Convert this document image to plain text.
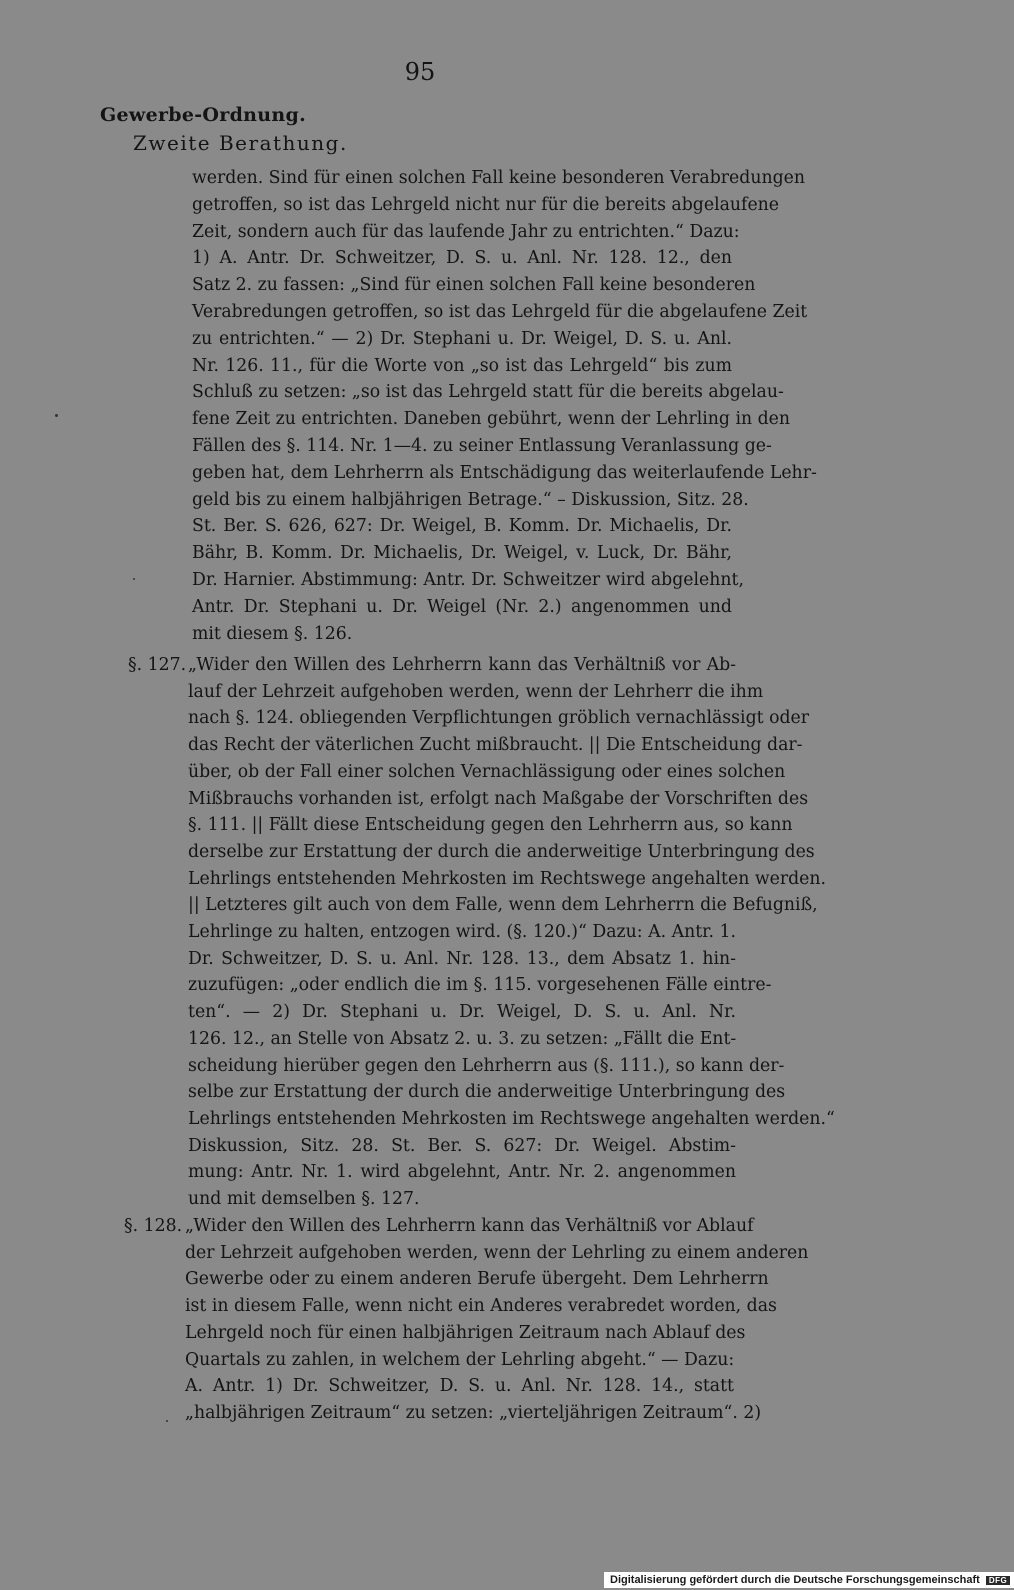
95
Gewerbe-Ordnung.
Zweite Berathung.
werden. Sind für einen solchen Fall keine besonderen Verabredungen
getroffen, so ist das Lehrgeld nicht nur für die bereits abgelaufene
Zeit, sondern auch für das laufende Jahr zu entrichten.“ Dazu:
1) A. Antr. Dr. Schweitzer, D. S. u. Anl. Nr. 128. 12., den
Satz 2. zu fassen: „Sind für einen solchen Fall keine besonderen
Verabredungen getroffen, so ist das Lehrgeld für die abgelaufene Zeit
zu entrichten.“ — 2) Dr. Stephani u. Dr. Weigel, D. S. u. Anl.
Nr. 126. 11., für die Worte von „so ist das Lehrgeld“ bis zum
Schluß zu setzen: „so ist das Lehrgeld statt für die bereits abgelau-
fene Zeit zu entrichten. Daneben gebührt, wenn der Lehrling in den
Fällen des §. 114. Nr. 1—4. zu seiner Entlassung Veranlassung ge-
geben hat, dem Lehrherrn als Entschädigung das weiterlaufende Lehr-
geld bis zu einem halbjährigen Betrage.“ – Diskussion, Sitz. 28.
St. Ber. S. 626, 627: Dr. Weigel, B. Komm. Dr. Michaelis, Dr.
Bähr, B. Komm. Dr. Michaelis, Dr. Weigel, v. Luck, Dr. Bähr,
Dr. Harnier. Abstimmung: Antr. Dr. Schweitzer wird abgelehnt,
Antr. Dr. Stephani u. Dr. Weigel (Nr. 2.) angenommen und
mit diesem §. 126.
§. 127. „Wider den Willen des Lehrherrn kann das Verhältniß vor Ab-
lauf der Lehrzeit aufgehoben werden, wenn der Lehrherr die ihm
nach §. 124. obliegenden Verpflichtungen gröblich vernachlässigt oder
das Recht der väterlichen Zucht mißbraucht. || Die Entscheidung dar-
über, ob der Fall einer solchen Vernachlässigung oder eines solchen
Mißbrauchs vorhanden ist, erfolgt nach Maßgabe der Vorschriften des
§. 111. || Fällt diese Entscheidung gegen den Lehrherrn aus, so kann
derselbe zur Erstattung der durch die anderweitige Unterbringung des
Lehrlings entstehenden Mehrkosten im Rechtswege angehalten werden.
|| Letzteres gilt auch von dem Falle, wenn dem Lehrherrn die Befugniß,
Lehrlinge zu halten, entzogen wird. (§. 120.)“ Dazu: A. Antr. 1.
Dr. Schweitzer, D. S. u. Anl. Nr. 128. 13., dem Absatz 1. hin-
zuzufügen: „oder endlich die im §. 115. vorgesehenen Fälle eintre-
ten“. — 2) Dr. Stephani u. Dr. Weigel, D. S. u. Anl. Nr.
126. 12., an Stelle von Absatz 2. u. 3. zu setzen: „Fällt die Ent-
scheidung hierüber gegen den Lehrherrn aus (§. 111.), so kann der-
selbe zur Erstattung der durch die anderweitige Unterbringung des
Lehrlings entstehenden Mehrkosten im Rechtswege angehalten werden.“
Diskussion, Sitz. 28. St. Ber. S. 627: Dr. Weigel. Abstim-
mung: Antr. Nr. 1. wird abgelehnt, Antr. Nr. 2. angenommen
und mit demselben §. 127.
§. 128. „Wider den Willen des Lehrherrn kann das Verhältniß vor Ablauf
der Lehrzeit aufgehoben werden, wenn der Lehrling zu einem anderen
Gewerbe oder zu einem anderen Berufe übergeht. Dem Lehrherrn
ist in diesem Falle, wenn nicht ein Anderes verabredet worden, das
Lehrgeld noch für einen halbjährigen Zeitraum nach Ablauf des
Quartals zu zahlen, in welchem der Lehrling abgeht.“ — Dazu:
A. Antr. 1) Dr. Schweitzer, D. S. u. Anl. Nr. 128. 14., statt
„halbjährigen Zeitraum“ zu setzen: „vierteljährigen Zeitraum“. 2)
Digitalisierung gefördert durch die Deutsche Forschungsgemeinschaft DFG
